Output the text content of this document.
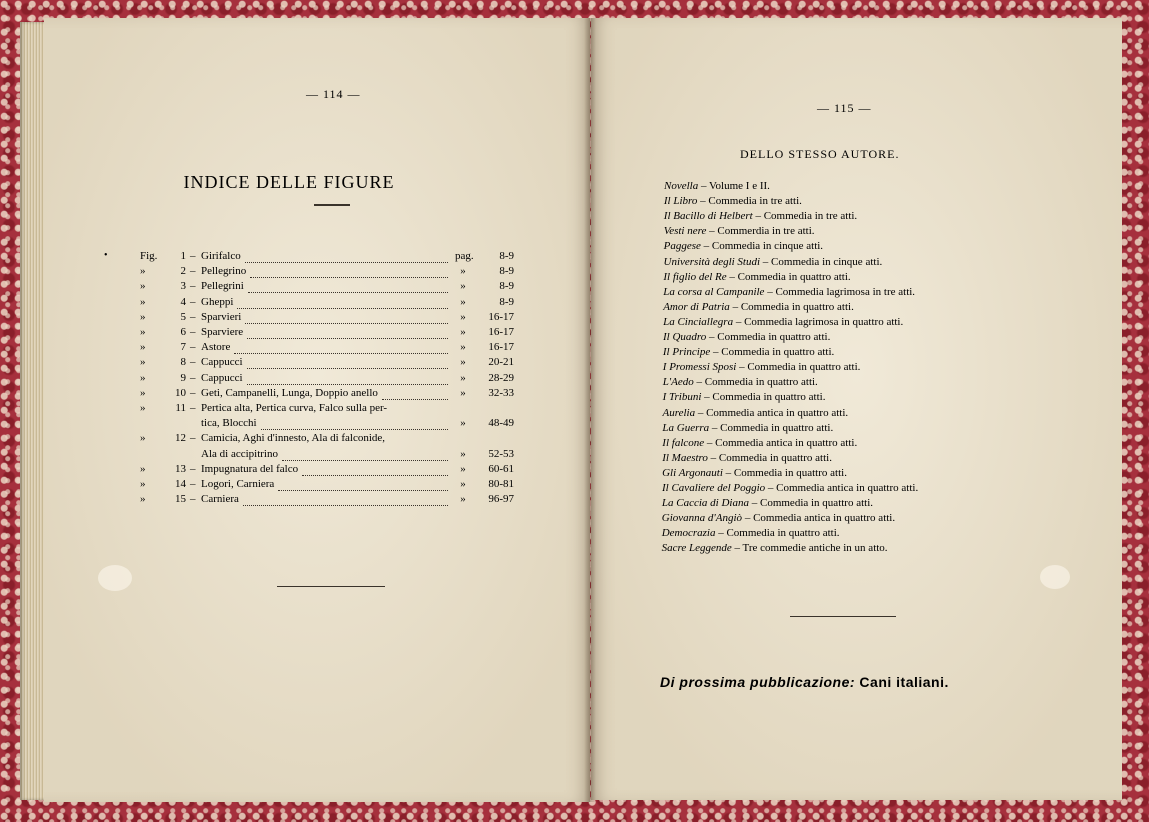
— 114 —
INDICE DELLE FIGURE
•	Fig.	1 – Girifalco	pag. 8-9
»	2 – Pellegrino	»	8-9
»	3 – Pellegrini	»	8-9
»	4 – Gheppi	»	8-9
»	5 – Sparvieri	»	16-17
»	6 – Sparviere	»	16-17
»	7 – Astore	»	16-17
»	8 – Cappucci	»	20-21
»	9 – Cappucci	»	28-29
»	10 – Geti, Campanelli, Lunga, Doppio anello	»	32-33
»	11 – Pertica alta, Pertica curva, Falco sulla per-
tica, Blocchi	»	48-49
»	12 – Camicia, Aghi d'innesto, Ala di falconide,
Ala di accipitrino	»	52-53
»	13 – Impugnatura del falco	»	60-61
»	14 – Logori, Carniera	»	80-81
»	15 – Carniera	»	96-97
— 115 —
DELLO STESSO AUTORE.
Novella – Volume I e II.
Il Libro – Commedia in tre atti.
Il Bacillo di Helbert – Commedia in tre atti.
Vesti nere – Commerdia in tre atti.
Paggese – Commedia in cinque atti.
Università degli Studi – Commedia in cinque atti.
Il figlio del Re – Commedia in quattro atti.
La corsa al Campanile – Commedia lagrimosa in tre atti.
Amor di Patria – Commedia in quattro atti.
La Cinciallegra – Commedia lagrimosa in quattro atti.
Il Quadro – Commedia in quattro atti.
Il Principe – Commedia in quattro atti.
I Promessi Sposi – Commedia in quattro atti.
L'Aedo – Commedia in quattro atti.
I Tribuni – Commedia in quattro atti.
Aurelia – Commedia antica in quattro atti.
La Guerra – Commedia in quattro atti.
Il falcone – Commedia antica in quattro atti.
Il Maestro – Commedia in quattro atti.
Gli Argonauti – Commedia in quattro atti.
Il Cavaliere del Poggio – Commedia antica in quattro atti.
La Caccia di Diana – Commedia in quattro atti.
Giovanna d'Angiò – Commedia antica in quattro atti.
Democrazia – Commedia in quattro atti.
Sacre Leggende – Tre commedie antiche in un atto.
Di prossima pubblicazione: Cani italiani.
